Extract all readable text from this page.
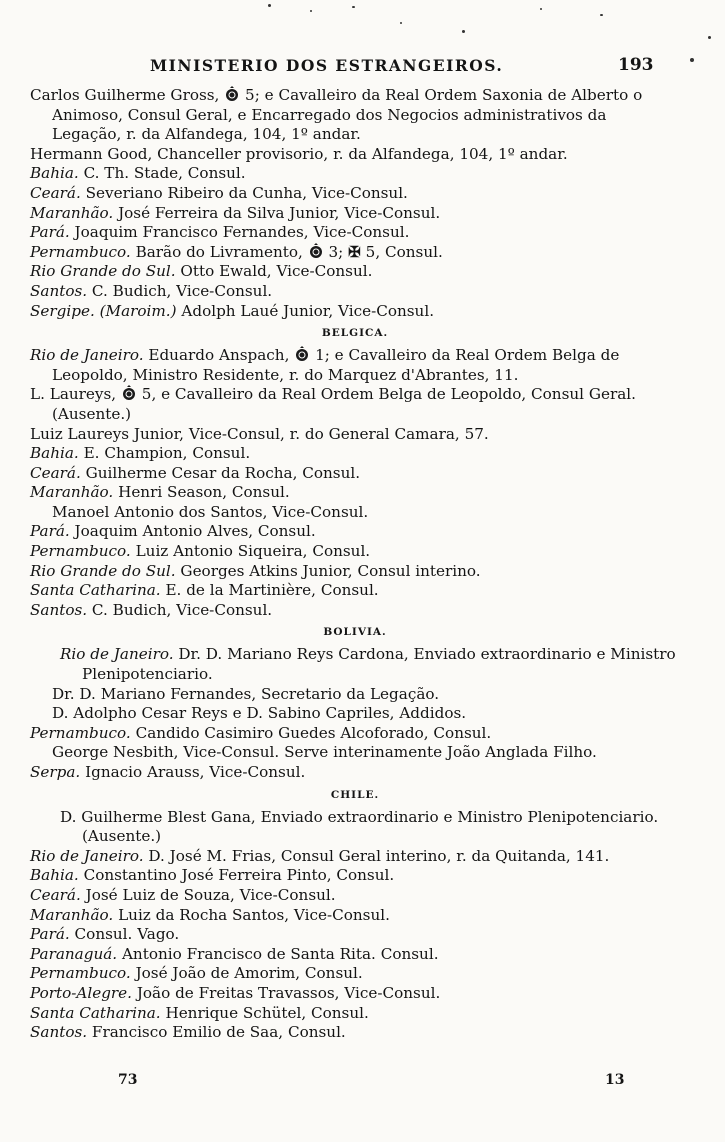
MINISTERIO DOS ESTRANGEIROS.	193
Carlos Guilherme Gross,  5; e Cavalleiro da Real Ordem Saxonia de Alberto o Animoso, Consul Geral, e Encarregado dos Negocios administrativos da Legação, r. da Alfandega, 104, 1º andar.
Hermann Good, Chanceller provisorio, r. da Alfandega, 104, 1º andar.
Bahia. C. Th. Stade, Consul.
Ceará. Severiano Ribeiro da Cunha, Vice-Consul.
Maranhão. José Ferreira da Silva Junior, Vice-Consul.
Pará. Joaquim Francisco Fernandes, Vice-Consul.
Pernambuco. Barão do Livramento,  3; ✠ 5, Consul.
Rio Grande do Sul. Otto Ewald, Vice-Consul.
Santos. C. Budich, Vice-Consul.
Sergipe. (Maroim.) Adolph Laué Junior, Vice-Consul.
BELGICA.
Rio de Janeiro. Eduardo Anspach,  1; e Cavalleiro da Real Ordem Belga de Leopoldo, Ministro Residente, r. do Marquez d'Abrantes, 11.
L. Laureys,  5, e Cavalleiro da Real Ordem Belga de Leopoldo, Consul Geral. (Ausente.)
Luiz Laureys Junior, Vice-Consul, r. do General Camara, 57.
Bahia. E. Champion, Consul.
Ceará. Guilherme Cesar da Rocha, Consul.
Maranhão. Henri Season, Consul.
Manoel Antonio dos Santos, Vice-Consul.
Pará. Joaquim Antonio Alves, Consul.
Pernambuco. Luiz Antonio Siqueira, Consul.
Rio Grande do Sul. Georges Atkins Junior, Consul interino.
Santa Catharina. E. de la Martinière, Consul.
Santos. C. Budich, Vice-Consul.
BOLIVIA.
Rio de Janeiro. Dr. D. Mariano Reys Cardona, Enviado extraordinario e Ministro Plenipotenciario.
Dr. D. Mariano Fernandes, Secretario da Legação.
D. Adolpho Cesar Reys e D. Sabino Capriles, Addidos.
Pernambuco. Candido Casimiro Guedes Alcoforado, Consul.
George Nesbith, Vice-Consul. Serve interinamente João Anglada Filho.
Serpa. Ignacio Arauss, Vice-Consul.
CHILE.
D. Guilherme Blest Gana, Enviado extraordinario e Ministro Plenipotenciario. (Ausente.)
Rio de Janeiro. D. José M. Frias, Consul Geral interino, r. da Quitanda, 141.
Bahia. Constantino José Ferreira Pinto, Consul.
Ceará. José Luiz de Souza, Vice-Consul.
Maranhão. Luiz da Rocha Santos, Vice-Consul.
Pará. Consul. Vago.
Paranaguá. Antonio Francisco de Santa Rita. Consul.
Pernambuco. José João de Amorim, Consul.
Porto-Alegre. João de Freitas Travassos, Vice-Consul.
Santa Catharina. Henrique Schütel, Consul.
Santos. Francisco Emilio de Saa, Consul.
73	13
